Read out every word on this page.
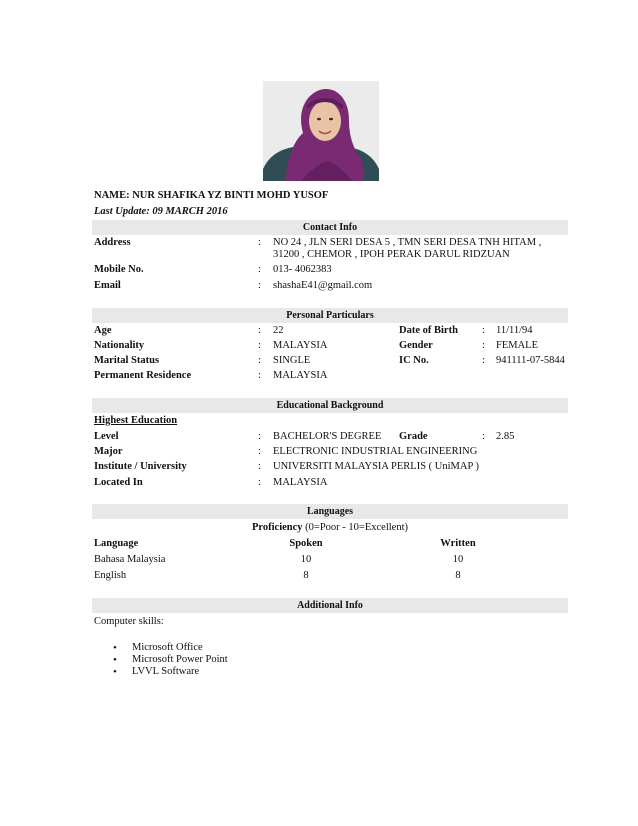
NAME: NUR SHAFIKA YZ BINTI MOHD YUSOF
Last Update: 09 MARCH 2016
Contact Info
Address	: NO 24 , JLN SERI DESA 5 , TMN SERI DESA TNH HITAM ,
31200 , CHEMOR , IPOH PERAK DARUL RIDZUAN
Mobile No.	: 013- 4062383
Email	: shashaE41@gmail.com
Personal Particulars
Age	: 22	Date of Birth : 11/11/94
Nationality	: MALAYSIA	Gender	: FEMALE
Marital Status	: SINGLE	IC No.	: 941111-07-5844
Permanent Residence	: MALAYSIA
Educational Background
Highest Education
Level	: BACHELOR'S DEGREE Grade	: 2.85
Major	: ELECTRONIC INDUSTRIAL ENGINEERING
Institute / University	: UNIVERSITI MALAYSIA PERLIS ( UniMAP )
Located In	: MALAYSIA
Languages
Proficiency (0=Poor - 10=Excellent)
Language	Spoken	Written
Bahasa Malaysia	10	10
English	8	8
Additional Info
Computer skills:
• Microsoft Office
• Microsoft Power Point
• LVVL Software
